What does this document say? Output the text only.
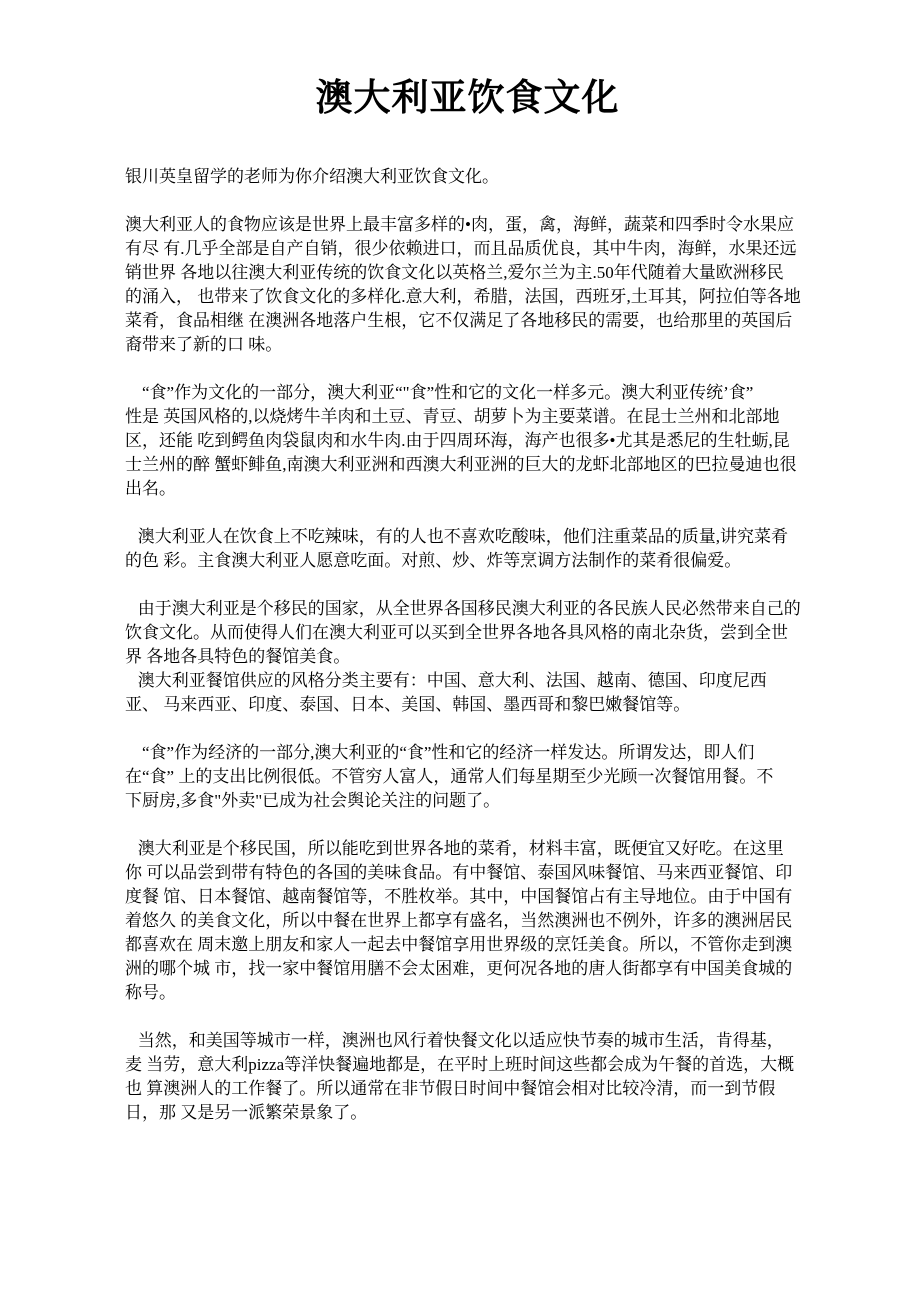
澳大利亚饮食文化
银川英皇留学的老师为你介绍澳大利亚饮食文化。
澳大利亚人的食物应该是世界上最丰富多样的•肉，蛋，禽，海鲜，蔬菜和四季时令水果应
有尽 有.几乎全部是自产自销，很少依赖进口，而且品质优良，其中牛肉，海鲜，水果还远
销世界 各地以往澳大利亚传统的饮食文化以英格兰,爱尔兰为主.50年代随着大量欧洲移民
的涌入， 也带来了饮食文化的多样化.意大利，希腊，法国，西班牙,土耳其，阿拉伯等各地
菜肴，食品相继 在澳洲各地落户生根，它不仅满足了各地移民的需要，也给那里的英国后
裔带来了新的口 味。
“食”作为文化的一部分，澳大利亚“"食”性和它的文化一样多元。澳大利亚传统’食”
性是 英国风格的,以烧烤牛羊肉和土豆、青豆、胡萝卜为主要菜谱。在昆士兰州和北部地
区，还能 吃到鳄鱼肉袋鼠肉和水牛肉.由于四周环海，海产也很多•尤其是悉尼的生牡蛎,昆
士兰州的醉 蟹虾鲱鱼,南澳大利亚洲和西澳大利亚洲的巨大的龙虾北部地区的巴拉曼迪也很
出名。
澳大利亚人在饮食上不吃辣味，有的人也不喜欢吃酸味，他们注重菜品的质量,讲究菜肴
的色 彩。主食澳大利亚人愿意吃面。对煎、炒、炸等烹调方法制作的菜肴很偏爱。
由于澳大利亚是个移民的国家，从全世界各国移民澳大利亚的各民族人民必然带来自己的
饮食文化。从而使得人们在澳大利亚可以买到全世界各地各具风格的南北杂货，尝到全世
界 各地各具特色的餐馆美食。
澳大利亚餐馆供应的风格分类主要有：中国、意大利、法国、越南、德国、印度尼西
亚、 马来西亚、印度、泰国、日本、美国、韩国、墨西哥和黎巴嫩餐馆等。
“食”作为经济的一部分,澳大利亚的“食”性和它的经济一样发达。所谓发达，即人们
在“食” 上的支出比例很低。不管穷人富人，通常人们每星期至少光顾一次餐馆用餐。不
下厨房,多食"外卖"已成为社会舆论关注的问题了。
澳大利亚是个移民国，所以能吃到世界各地的菜肴，材料丰富，既便宜又好吃。在这里
你 可以品尝到带有特色的各国的美味食品。有中餐馆、泰国风味餐馆、马来西亚餐馆、印
度餐 馆、日本餐馆、越南餐馆等，不胜枚举。其中，中国餐馆占有主导地位。由于中国有
着悠久 的美食文化，所以中餐在世界上都享有盛名，当然澳洲也不例外，许多的澳洲居民
都喜欢在 周末邀上朋友和家人一起去中餐馆享用世界级的烹饪美食。所以，不管你走到澳
洲的哪个城 市，找一家中餐馆用膳不会太困难，更何况各地的唐人街都享有中国美食城的
称号。
当然，和美国等城市一样，澳洲也风行着快餐文化以适应快节奏的城市生活，肯得基，
麦 当劳，意大利pizza等洋快餐遍地都是，在平时上班时间这些都会成为午餐的首选，大概
也 算澳洲人的工作餐了。所以通常在非节假日时间中餐馆会相对比较冷清，而一到节假
日，那 又是另一派繁荣景象了。
